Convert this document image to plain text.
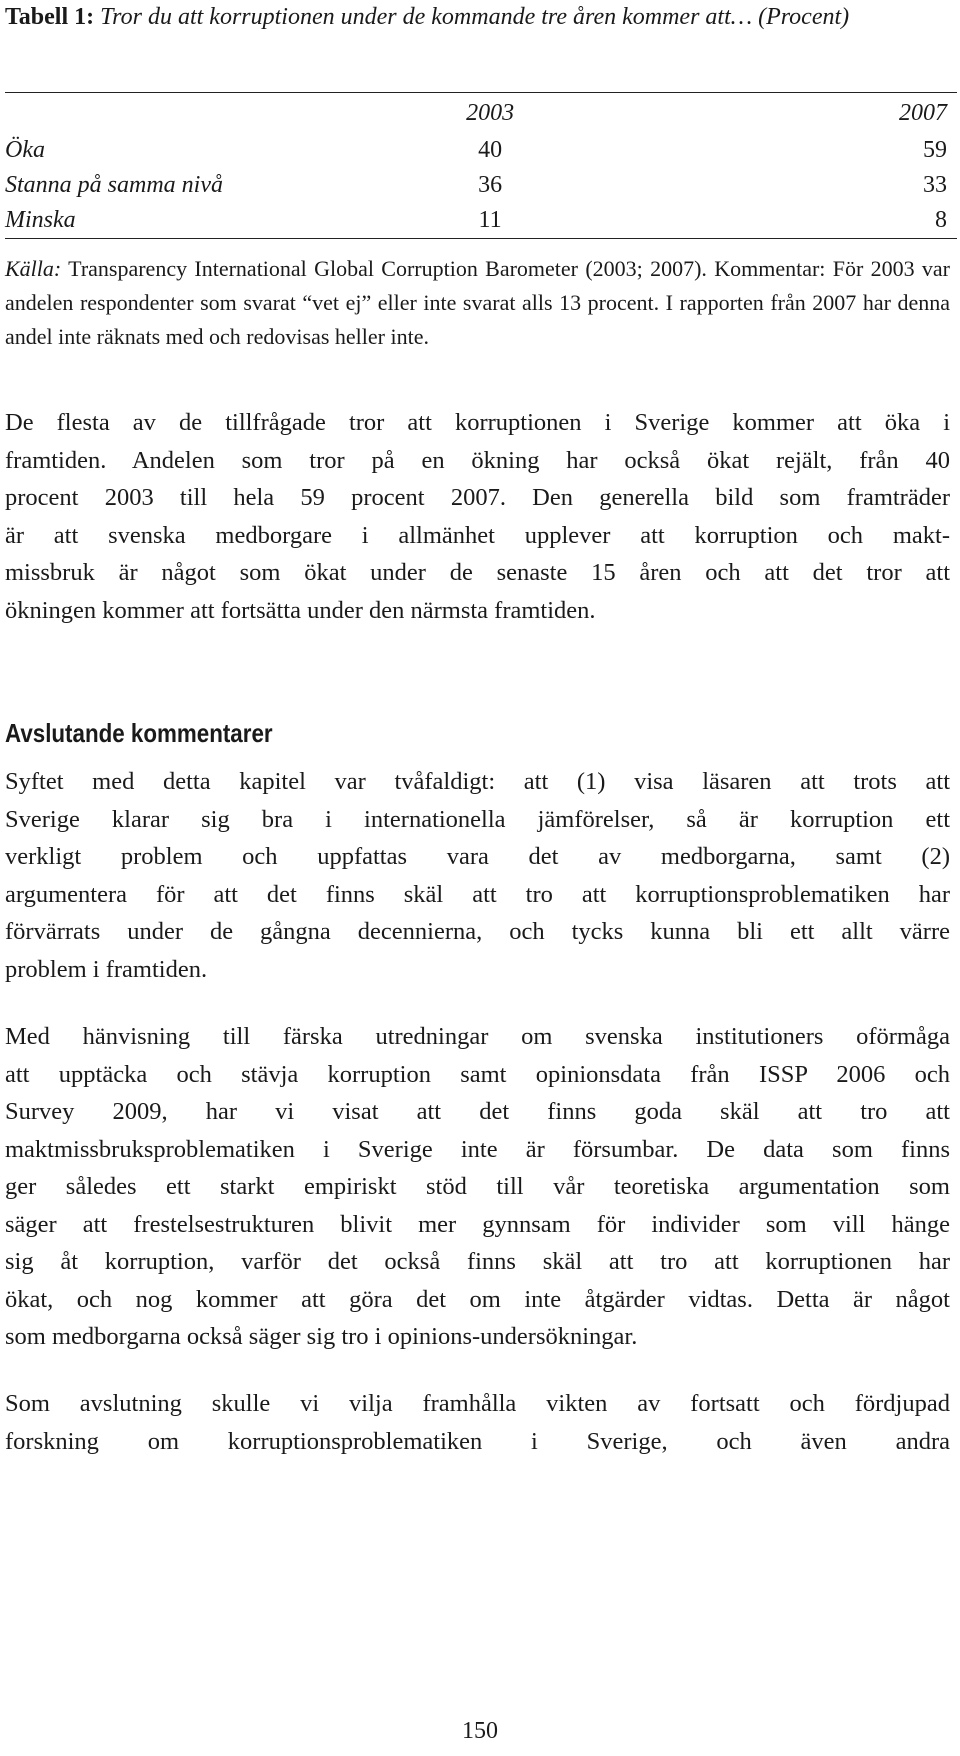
Tabell 1: Tror du att korruptionen under de kommande tre åren kommer att… (Procent)
	2003	2007
Öka	40	59
Stanna på samma nivå	36	33
Minska	11	8
Källa: Transparency International Global Corruption Barometer (2003; 2007). Kommentar: För 2003 var andelen respondenter som svarat “vet ej” eller inte svarat alls 13 procent. I rapporten från 2007 har denna andel inte räknats med och redovisas heller inte.
De flesta av de tillfrågade tror att korruptionen i Sverige kommer att öka i
framtiden. Andelen som tror på en ökning har också ökat rejält, från 40
procent 2003 till hela 59 procent 2007. Den generella bild som framträder
är att svenska medborgare i allmänhet upplever att korruption och makt-
missbruk är något som ökat under de senaste 15 åren och att det tror att
ökningen kommer att fortsätta under den närmsta framtiden.
Avslutande kommentarer
Syftet med detta kapitel var tvåfaldigt: att (1) visa läsaren att trots att
Sverige klarar sig bra i internationella jämförelser, så är korruption ett
verkligt problem och uppfattas vara det av medborgarna, samt (2)
argumentera för att det finns skäl att tro att korruptionsproblematiken har
förvärrats under de gångna decennierna, och tycks kunna bli ett allt värre
problem i framtiden.
Med hänvisning till färska utredningar om svenska institutioners oförmåga
att upptäcka och stävja korruption samt opinionsdata från ISSP 2006 och
Survey 2009, har vi visat att det finns goda skäl att tro att
maktmissbruksproblematiken i Sverige inte är försumbar. De data som finns
ger således ett starkt empiriskt stöd till vår teoretiska argumentation som
säger att frestelsestrukturen blivit mer gynnsam för individer som vill hänge
sig åt korruption, varför det också finns skäl att tro att korruptionen har
ökat, och nog kommer att göra det om inte åtgärder vidtas. Detta är något
som medborgarna också säger sig tro i opinions-undersökningar.
Som avslutning skulle vi vilja framhålla vikten av fortsatt och fördjupad
forskning om korruptionsproblematiken i Sverige, och även andra
150
